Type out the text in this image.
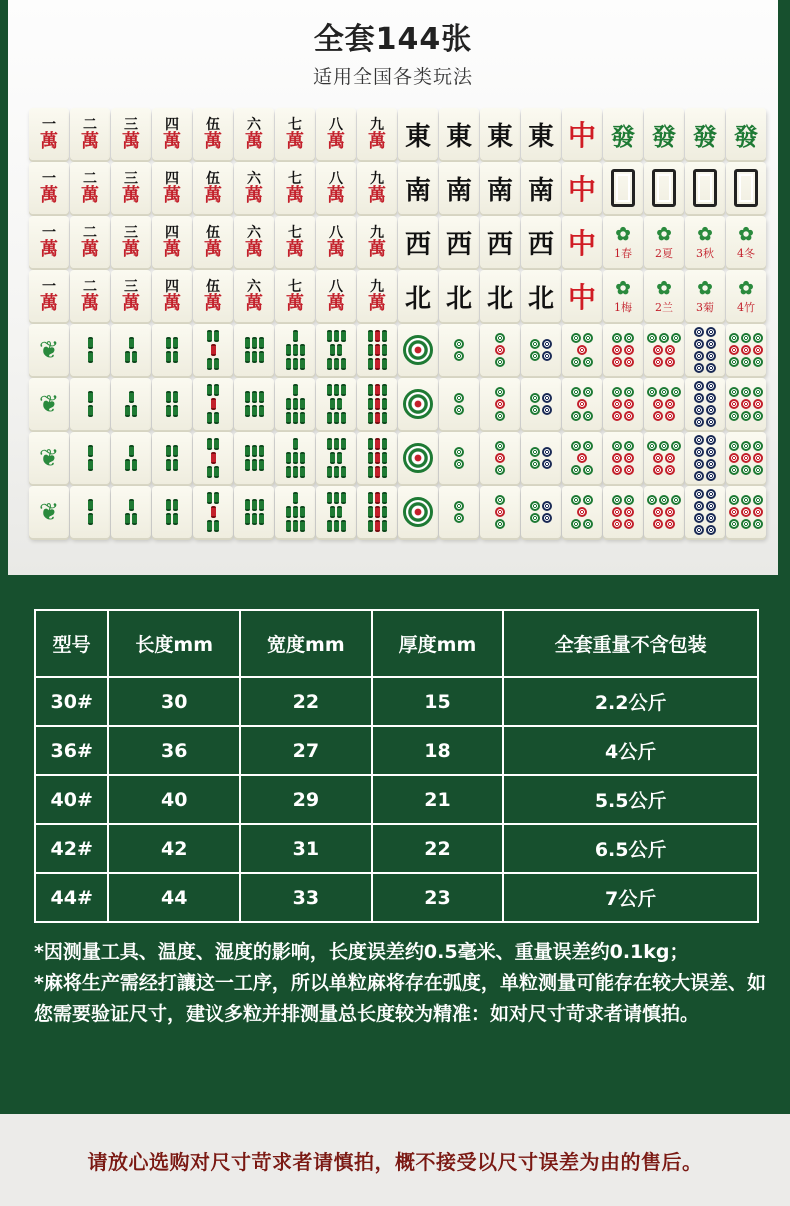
全套144张
适用全国各类玩法
一
萬
二
萬
三
萬
四
萬
伍
萬
六
萬
七
萬
八
萬
九
萬 東 東 東 東 中 發 發 發 發
一
萬
二
萬
三
萬
四
萬
伍
萬
六
萬
七
萬
八
萬
九
萬 南 南 南 南 中
一
萬
二
萬
三
萬
四
萬
伍
萬
六
萬
七
萬
八
萬
九
萬 西 西 西 西 中 ✿
1春
✿
2夏
✿
3秋
✿
4冬
一
萬
二
萬
三
萬
四
萬
伍
萬
六
萬
七
萬
八
萬
九
萬 北 北 北 北 中 ✿
1梅
✿
2兰
✿
3菊
✿
4竹
❦
❦
❦
❦
型号	长度mm	宽度mm	厚度mm	全套重量不含包装
30#	30	22	15	2.2公斤
36#	36	27	18	4公斤
40#	40	29	21	5.5公斤
42#	42	31	22	6.5公斤
44#	44	33	23	7公斤

*因测量工具、温度、湿度的影响，长度误差约0.5毫米、重量误差约0.1kg；

*麻将生产需经打讓这一工序，所以单粒麻将存在弧度，单粒测量可能存在较大误差、如您需要验证尺寸，建议多粒并排测量总长度较为精准：如对尺寸苛求者请慎拍。

请放心选购对尺寸苛求者请慎拍，概不接受以尺寸误差为由的售后。
